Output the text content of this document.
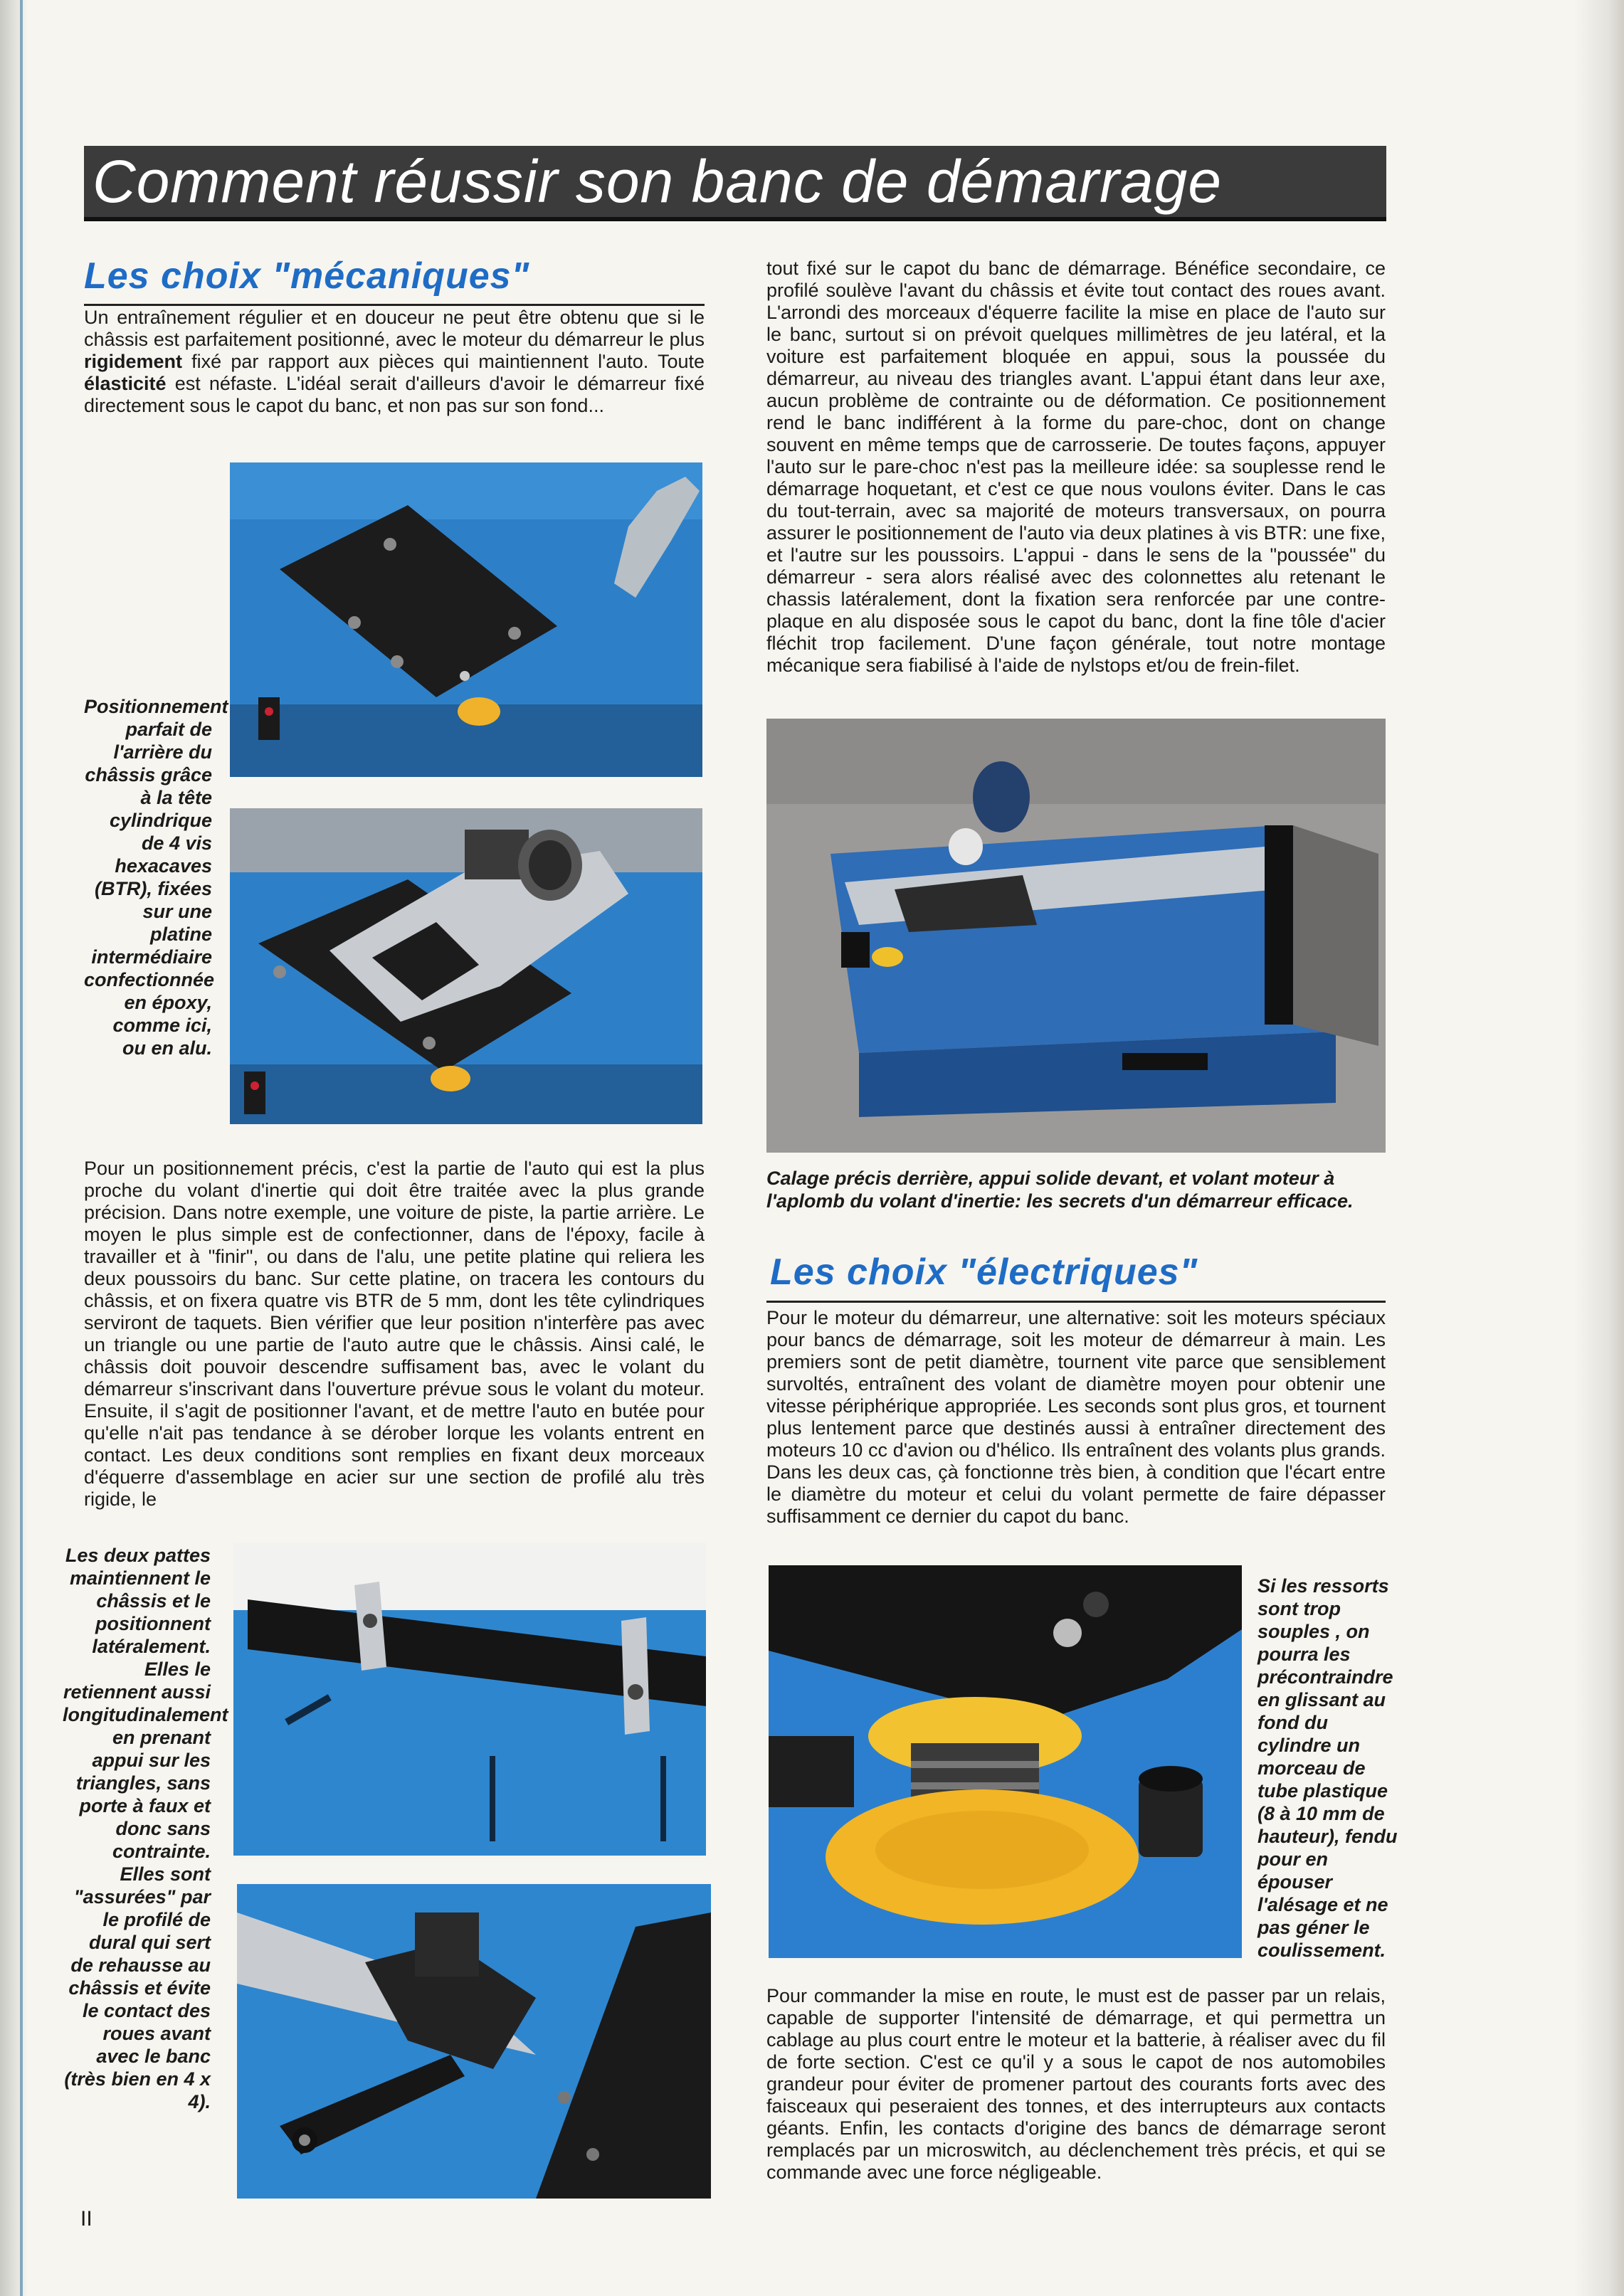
Comment réussir son banc de démarrage
Les choix "mécaniques"

Un entraînement régulier et en douceur ne peut être obtenu que si le châssis est parfaitement positionné, avec le moteur du démarreur le plus rigidement fixé par rapport aux pièces qui maintiennent l'auto. Toute élasticité est néfaste. L'idéal serait d'ailleurs d'avoir le démarreur fixé directement sous le capot du banc, et non pas sur son fond...

Positionnement parfait de l'arrière du châssis grâce à la tête cylindrique de 4 vis hexacaves (BTR), fixées sur une platine intermédiaire confectionnée en époxy, comme ici, ou en alu.

Pour un positionnement précis, c'est la partie de l'auto qui est la plus proche du volant d'inertie qui doit être traitée avec la plus grande précision. Dans notre exemple, une voiture de piste, la partie arrière. Le moyen le plus simple est de confectionner, dans de l'époxy, facile à travailler et à "finir", ou dans de l'alu, une petite platine qui reliera les deux poussoirs du banc. Sur cette platine, on tracera les contours du châssis, et on fixera quatre vis BTR de 5 mm, dont les tête cylindriques serviront de taquets. Bien vérifier que leur position n'interfère pas avec un triangle ou une partie de l'auto autre que le châssis. Ainsi calé, le châssis doit pouvoir descendre suffisament bas, avec le volant du démarreur s'inscrivant dans l'ouverture prévue sous le volant du moteur. Ensuite, il s'agit de positionner l'avant, et de mettre l'auto en butée pour qu'elle n'ait pas tendance à se dérober lorque les volants entrent en contact. Les deux conditions sont remplies en fixant deux morceaux d'équerre d'assemblage en acier sur une section de profilé alu très rigide, le

Les deux pattes maintiennent le châssis et le positionnent latéralement. Elles le retiennent aussi longitudinalement en prenant appui sur les triangles, sans porte à faux et donc sans contrainte. Elles sont "assurées" par le profilé de dural qui sert de rehausse au châssis et évite le contact des roues avant avec le banc (très bien en 4 x 4).

tout fixé sur le capot du banc de démarrage. Bénéfice secondaire, ce profilé soulève l'avant du châssis et évite tout contact des roues avant. L'arrondi des morceaux d'équerre facilite la mise en place de l'auto sur le banc, surtout si on prévoit quelques millimètres de jeu latéral, et la voiture est parfaitement bloquée en appui, sous la poussée du démarreur, au niveau des triangles avant. L'appui étant dans leur axe, aucun problème de contrainte ou de déformation. Ce positionnement rend le banc indifférent à la forme du pare-choc, dont on change souvent en même temps que de carrosserie. De toutes façons, appuyer l'auto sur le pare-choc n'est pas la meilleure idée: sa souplesse rend le démarrage hoquetant, et c'est ce que nous voulons éviter. Dans le cas du tout-terrain, avec sa majorité de moteurs transversaux, on pourra assurer le positionnement de l'auto via deux platines à vis BTR: une fixe, et l'autre sur les poussoirs. L'appui - dans le sens de la "poussée" du démarreur - sera alors réalisé avec des colonnettes alu retenant le chassis latéralement, dont la fixation sera renforcée par une contre-plaque en alu disposée sous le capot du banc, dont la fine tôle d'acier fléchit trop facilement. D'une façon générale, tout notre montage mécanique sera fiabilisé à l'aide de nylstops et/ou de frein-filet.

Calage précis derrière, appui solide devant, et volant moteur à l'aplomb du volant d'inertie: les secrets d'un démarreur efficace.

Les choix "électriques"

Pour le moteur du démarreur, une alternative: soit les moteurs spéciaux pour bancs de démarrage, soit les moteur de démarreur à main. Les premiers sont de petit diamètre, tournent vite parce que sensiblement survoltés, entraînent des volant de diamètre moyen pour obtenir une vitesse périphérique appropriée. Les seconds sont plus gros, et tournent plus lentement parce que destinés aussi à entraîner directement des moteurs 10 cc d'avion ou d'hélico. Ils entraînent des volants plus grands. Dans les deux cas, çà fonctionne très bien, à condition que l'écart entre le diamètre du moteur et celui du volant permette de faire dépasser suffisamment ce dernier du capot du banc.

Si les ressorts sont trop souples , on pourra les précontraindre en glissant au fond du cylindre un morceau de tube plastique (8 à 10 mm de hauteur), fendu pour en épouser l'alésage et ne pas géner le coulissement.

Pour commander la mise en route, le must est de passer par un relais, capable de supporter l'intensité de démarrage, et qui permettra un cablage au plus court entre le moteur et la batterie, à réaliser avec du fil de forte section. C'est ce qu'il y a sous le capot de nos automobiles grandeur pour éviter de promener partout des courants forts avec des faisceaux qui peseraient des tonnes, et des interrupteurs aux contacts géants. Enfin, les contacts d'origine des bancs de démarrage seront remplacés par un microswitch, au déclenchement très précis, et qui se commande avec une force négligeable.

II
